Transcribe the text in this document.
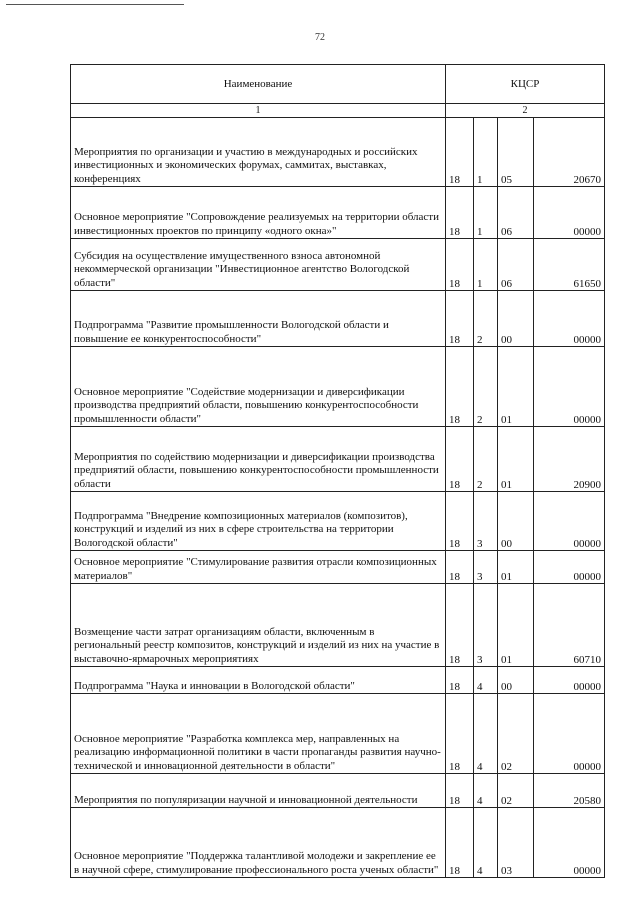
72
Наименование	КЦСР			
1	2			
Мероприятия по организации и участию в международных и российских инвестиционных и экономических форумах, саммитах, выставках, конференциях	18	1	05	20670
Основное мероприятие "Сопровождение реализуемых на территории области инвестиционных проектов по принципу «одного окна»"	18	1	06	00000
Субсидия на осуществление имущественного взноса автономной некоммерческой организации "Инвестиционное агентство Вологодской области"	18	1	06	61650
Подпрограмма "Развитие промышленности Вологодской области и повышение ее конкурентоспособности"	18	2	00	00000
Основное мероприятие "Содействие модернизации и диверсификации производства предприятий области, повышению конкурентоспособности промышленности области"	18	2	01	00000
Мероприятия по содействию модернизации и диверсификации производства предприятий области, повышению конкурентоспособности промышленности области	18	2	01	20900
Подпрограмма "Внедрение композиционных материалов (композитов), конструкций и изделий из них в сфере строительства на территории Вологодской области"	18	3	00	00000
Основное мероприятие "Стимулирование развития отрасли композиционных материалов"	18	3	01	00000
Возмещение части затрат организациям области, включенным в региональный реестр композитов, конструкций и изделий из них на участие в выставочно-ярмарочных мероприятиях	18	3	01	60710
Подпрограмма "Наука и инновации в Вологодской области"	18	4	00	00000
Основное мероприятие "Разработка комплекса мер, направленных на реализацию информационной политики в части пропаганды развития научно-технической и инновационной деятельности в области"	18	4	02	00000
Мероприятия по популяризации научной и инновационной деятельности	18	4	02	20580
Основное мероприятие "Поддержка талантливой молодежи и закрепление ее в научной сфере, стимулирование профессионального роста ученых области"	18	4	03	00000
